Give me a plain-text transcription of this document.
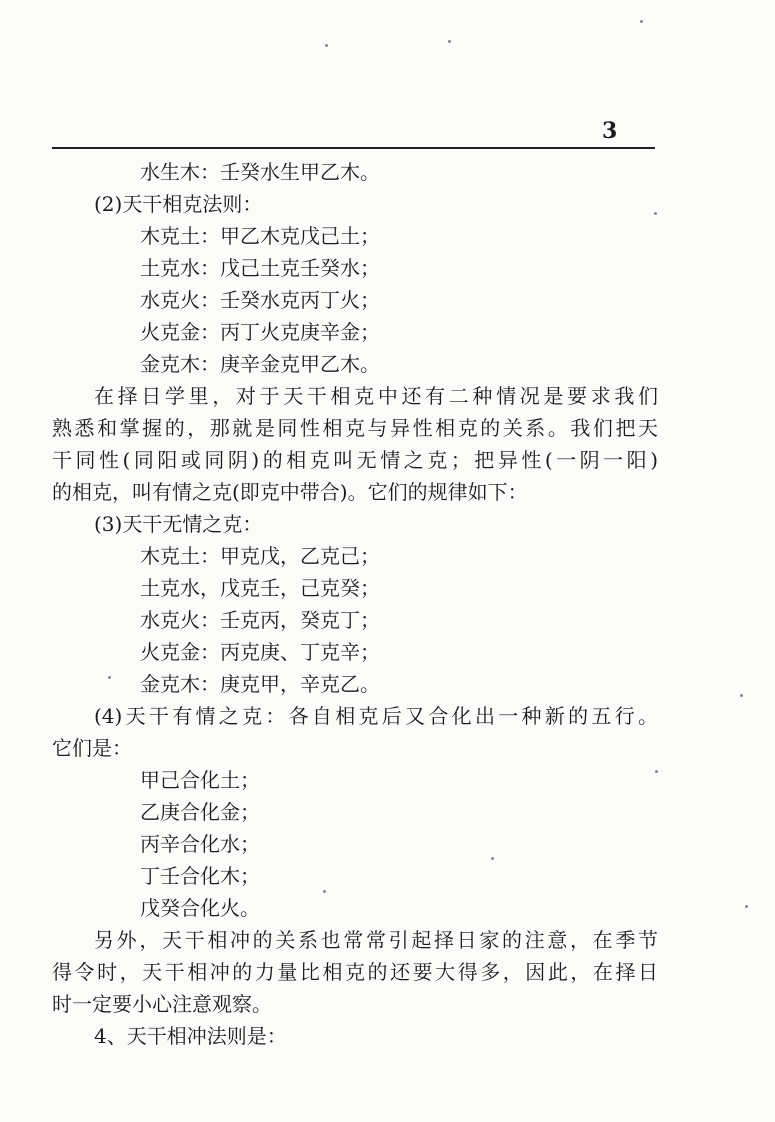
3
水生木：壬癸水生甲乙木。
(2)天干相克法则：
木克土：甲乙木克戊己土；
土克水：戊己土克壬癸水；
水克火：壬癸水克丙丁火；
火克金：丙丁火克庚辛金；
金克木：庚辛金克甲乙木。
在择日学里，对于天干相克中还有二种情况是要求我们
熟悉和掌握的，那就是同性相克与异性相克的关系。我们把天
干同性(同阳或同阴)的相克叫无情之克；把异性(一阴一阳)
的相克，叫有情之克(即克中带合)。它们的规律如下：
(3)天干无情之克：
木克土：甲克戊，乙克己；
土克水，戊克壬，己克癸；
水克火：壬克丙，癸克丁；
火克金：丙克庚、丁克辛；
金克木：庚克甲，辛克乙。
(4)天干有情之克：各自相克后又合化出一种新的五行。
它们是：
甲己合化土；
乙庚合化金；
丙辛合化水；
丁壬合化木；
戊癸合化火。
另外，天干相冲的关系也常常引起择日家的注意，在季节
得令时，天干相冲的力量比相克的还要大得多，因此，在择日
时一定要小心注意观察。
4、天干相冲法则是：
